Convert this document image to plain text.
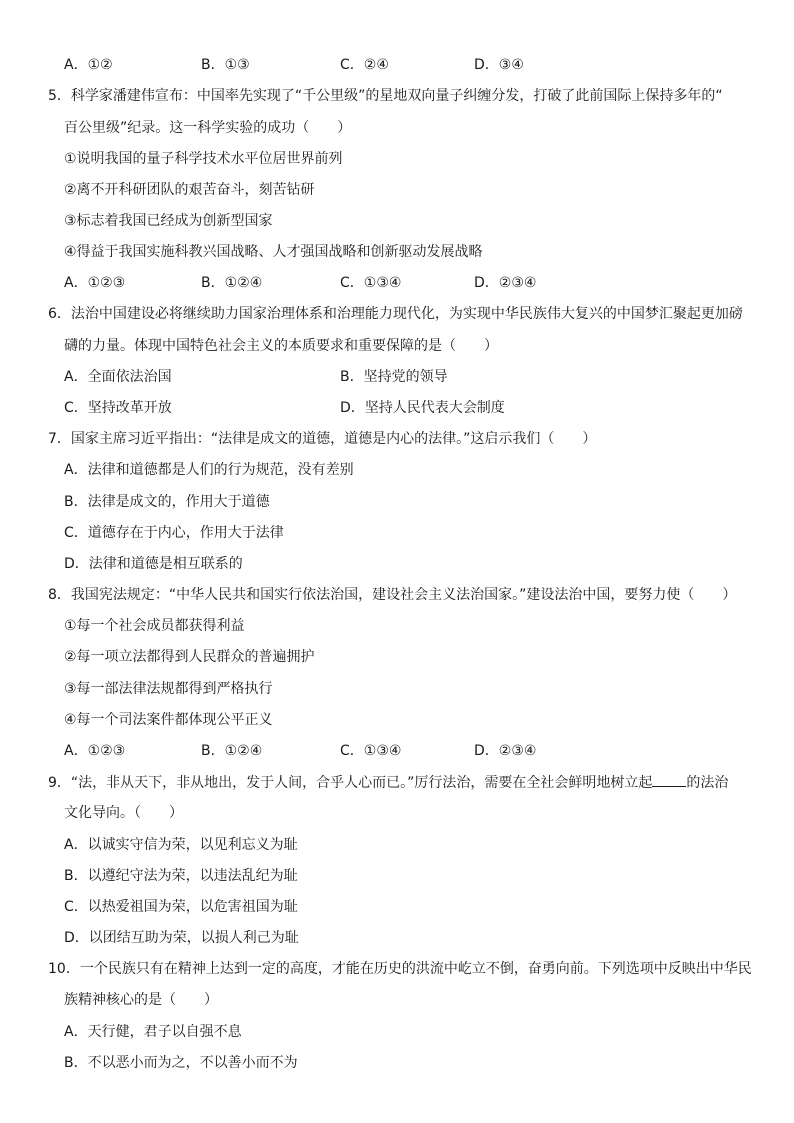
A．①②	B．①③	C．②④	D．③④
5．科学家潘建伟宣布：中国率先实现了“千公里级”的星地双向量子纠缠分发，打破了此前国际上保持多年的“
百公里级”纪录。这一科学实验的成功（　　）
①说明我国的量子科学技术水平位居世界前列
②离不开科研团队的艰苦奋斗，刻苦钻研
③标志着我国已经成为创新型国家
④得益于我国实施科教兴国战略、人才强国战略和创新驱动发展战略
A．①②③	B．①②④	C．①③④	D．②③④
6．法治中国建设必将继续助力国家治理体系和治理能力现代化，为实现中华民族伟大复兴的中国梦汇聚起更加磅
礴的力量。体现中国特色社会主义的本质要求和重要保障的是（　　）
A．全面依法治国	B．坚持党的领导
C．坚持改革开放	D．坚持人民代表大会制度
7．国家主席习近平指出：“法律是成文的道德，道德是内心的法律。”这启示我们（　　）
A．法律和道德都是人们的行为规范，没有差别
B．法律是成文的，作用大于道德
C．道德存在于内心，作用大于法律
D．法律和道德是相互联系的
8．我国宪法规定：“中华人民共和国实行依法治国，建设社会主义法治国家。”建设法治中国，要努力使（　　）
①每一个社会成员都获得利益
②每一项立法都得到人民群众的普遍拥护
③每一部法律法规都得到严格执行
④每一个司法案件都体现公平正义
A．①②③	B．①②④	C．①③④	D．②③④
9．“法，非从天下，非从地出，发于人间，合乎人心而已。”厉行法治，需要在全社会鲜明地树立起 的法治
文化导向。（　　）
A．以诚实守信为荣，以见利忘义为耻
B．以遵纪守法为荣，以违法乱纪为耻
C．以热爱祖国为荣，以危害祖国为耻
D．以团结互助为荣，以损人利己为耻
10．一个民族只有在精神上达到一定的高度，才能在历史的洪流中屹立不倒，奋勇向前。下列选项中反映出中华民
族精神核心的是（　　）
A．天行健，君子以自强不息
B．不以恶小而为之，不以善小而不为
